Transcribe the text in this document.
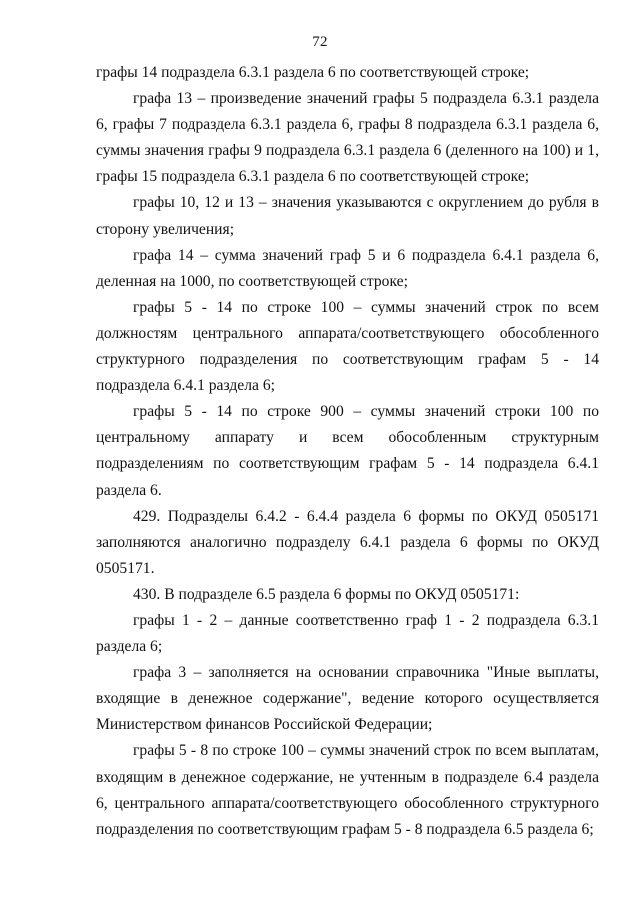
72

графы 14 подраздела 6.3.1 раздела 6 по соответствующей строке;

графа 13 – произведение значений графы 5 подраздела 6.3.1 раздела 6, графы 7 подраздела 6.3.1 раздела 6, графы 8 подраздела 6.3.1 раздела 6, суммы значения графы 9 подраздела 6.3.1 раздела 6 (деленного на 100) и 1, графы 15 подраздела 6.3.1 раздела 6 по соответствующей строке;

графы 10, 12 и 13 – значения указываются с округлением до рубля в сторону увеличения;

графа 14 – сумма значений граф 5 и 6 подраздела 6.4.1 раздела 6, деленная на 1000, по соответствующей строке;

графы 5 - 14 по строке 100 – суммы значений строк по всем должностям центрального аппарата/соответствующего обособленного структурного подразделения по соответствующим графам 5 - 14 подраздела 6.4.1 раздела 6;

графы 5 - 14 по строке 900 – суммы значений строки 100 по центральному аппарату и всем обособленным структурным подразделениям по соответствующим графам 5 - 14 подраздела 6.4.1 раздела 6.

429. Подразделы 6.4.2 - 6.4.4 раздела 6 формы по ОКУД 0505171 заполняются аналогично подразделу 6.4.1 раздела 6 формы по ОКУД 0505171.

430. В подразделе 6.5 раздела 6 формы по ОКУД 0505171:

графы 1 - 2 – данные соответственно граф 1 - 2 подраздела 6.3.1 раздела 6;

графа 3 – заполняется на основании справочника "Иные выплаты, входящие в денежное содержание", ведение которого осуществляется Министерством финансов Российской Федерации;

графы 5 - 8 по строке 100 – суммы значений строк по всем выплатам, входящим в денежное содержание, не учтенным в подразделе 6.4 раздела 6, центрального аппарата/соответствующего обособленного структурного подразделения по соответствующим графам 5 - 8 подраздела 6.5 раздела 6;
